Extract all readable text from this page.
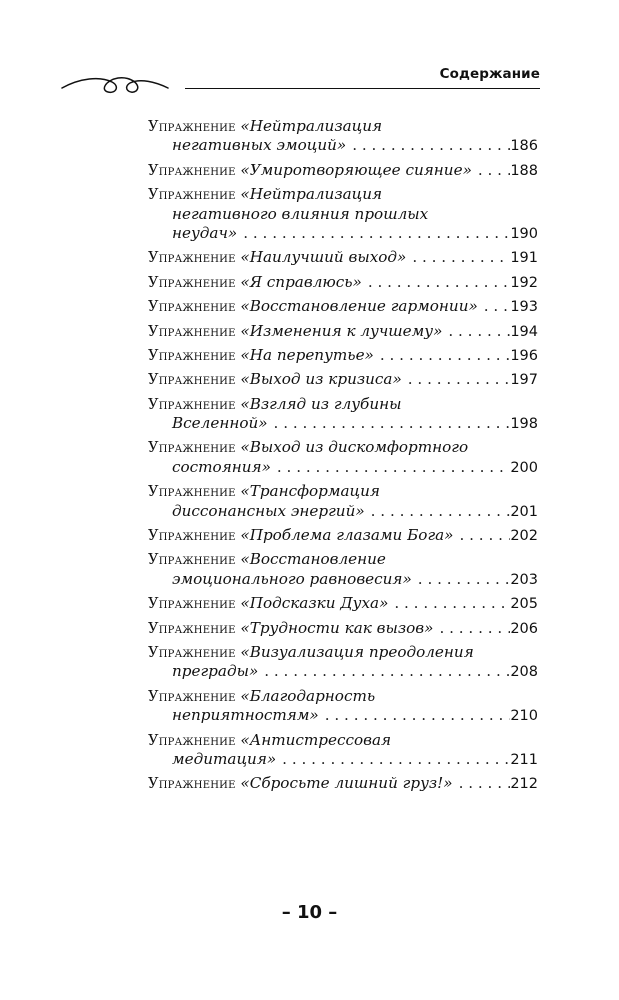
Содержание
Упражнение «Нейтрализация
негативных эмоций» . . .	186
Упражнение «Умиротворяющее сияние» . . .	188
Упражнение «Нейтрализация
негативного влияния прошлых
неудач» . . .	190
Упражнение «Наилучший выход» . . .	191
Упражнение «Я справлюсь» . . .	192
Упражнение «Восстановление гармонии» . . . 193
Упражнение «Изменения к лучшему» . . .	194
Упражнение «На перепутье» . . .	196
Упражнение «Выход из кризиса» . . .	197
Упражнение «Взгляд из глубины
Вселенной» . . .	198
Упражнение «Выход из дискомфортного
состояния» . . .	200
Упражнение «Трансформация
диссонансных энергий» . . .	201
Упражнение «Проблема глазами Бога» . . .	202
Упражнение «Восстановление
эмоционального равновесия» . . .	203
Упражнение «Подсказки Духа» . . .	205
Упражнение «Трудности как вызов» . . .	206
Упражнение «Визуализация преодоления
преграды» . . .	208
Упражнение «Благодарность
неприятностям» . . .	210
Упражнение «Антистрессовая
медитация» . . .	211
Упражнение «Сбросьте лишний груз!» . . .	212
– 10 –
